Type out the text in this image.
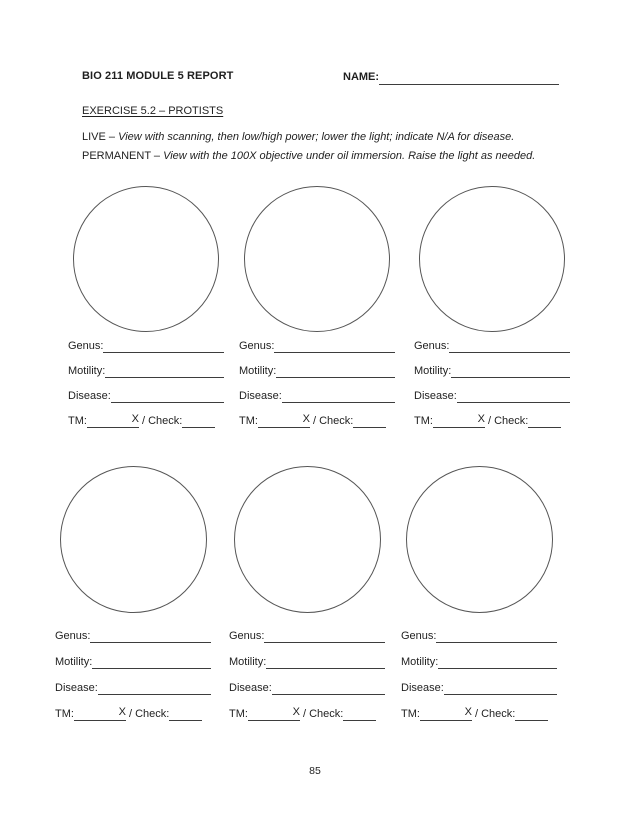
BIO 211 MODULE 5 REPORT	NAME:
EXERCISE 5.2 – PROTISTS
LIVE – View with scanning, then low/high power; lower the light; indicate N/A for disease.
PERMANENT – View with the 100X objective under oil immersion. Raise the light as needed.
Genus:
Motility:
Disease:
TM:	X / Check:
Genus:
Motility:
Disease:
TM:	X / Check:
Genus:
Motility:
Disease:
TM:	X / Check:
Genus:
Motility:
Disease:
TM:	X / Check:
Genus:
Motility:
Disease:
TM:	X / Check:
Genus:
Motility:
Disease:
TM:	X / Check:
85
